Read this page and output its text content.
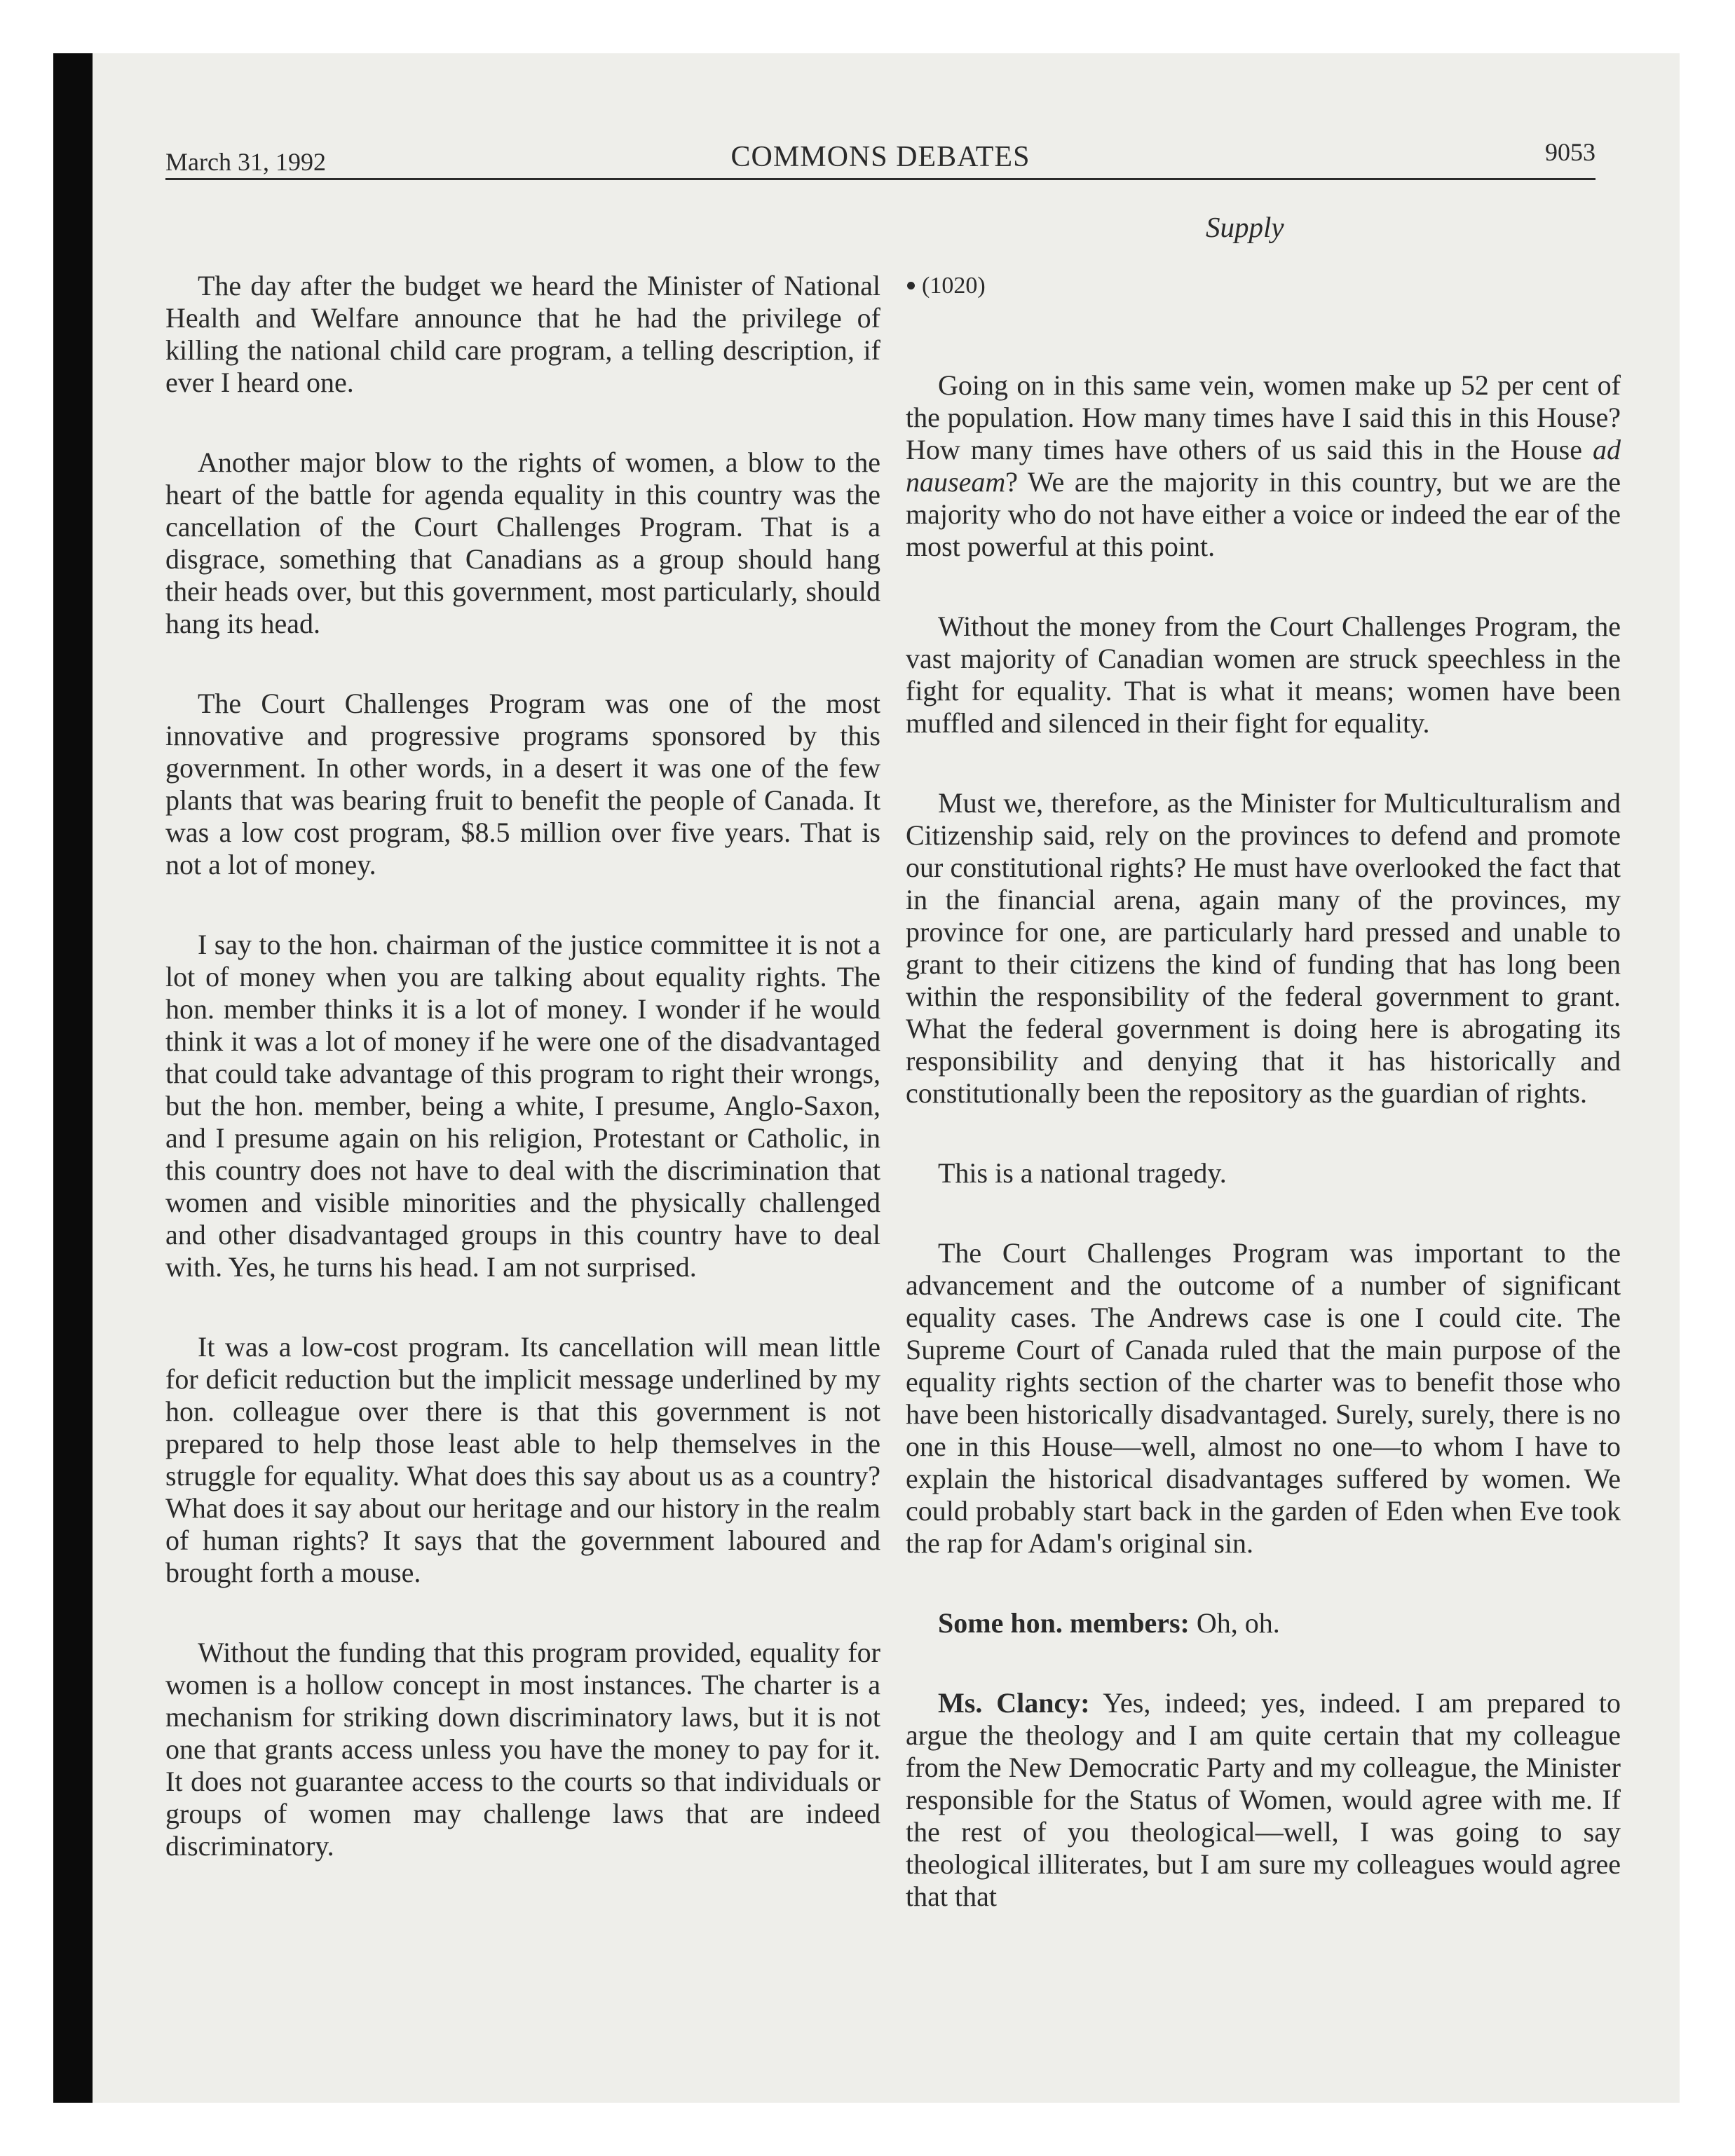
March 31, 1992	COMMONS DEBATES	9053
Supply

The day after the budget we heard the Minister of National Health and Welfare announce that he had the privilege of killing the national child care program, a telling description, if ever I heard one.

Another major blow to the rights of women, a blow to the heart of the battle for agenda equality in this country was the cancellation of the Court Challenges Program. That is a disgrace, something that Canadians as a group should hang their heads over, but this government, most particularly, should hang its head.

The Court Challenges Program was one of the most innovative and progressive programs sponsored by this government. In other words, in a desert it was one of the few plants that was bearing fruit to benefit the people of Canada. It was a low cost program, $8.5 million over five years. That is not a lot of money.

I say to the hon. chairman of the justice committee it is not a lot of money when you are talking about equality rights. The hon. member thinks it is a lot of money. I wonder if he would think it was a lot of money if he were one of the disadvantaged that could take advantage of this program to right their wrongs, but the hon. member, being a white, I presume, Anglo-Saxon, and I presume again on his religion, Protestant or Catholic, in this country does not have to deal with the discrimination that women and visible minorities and the physically challenged and other disadvantaged groups in this country have to deal with. Yes, he turns his head. I am not surprised.

It was a low-cost program. Its cancellation will mean little for deficit reduction but the implicit message underlined by my hon. colleague over there is that this government is not prepared to help those least able to help themselves in the struggle for equality. What does this say about us as a country? What does it say about our heritage and our history in the realm of human rights? It says that the government laboured and brought forth a mouse.

Without the funding that this program provided, equality for women is a hollow concept in most instances. The charter is a mechanism for striking down discriminatory laws, but it is not one that grants access unless you have the money to pay for it. It does not guarantee access to the courts so that individuals or groups of women may challenge laws that are indeed discriminatory.

(1020)

Going on in this same vein, women make up 52 per cent of the population. How many times have I said this in this House? How many times have others of us said this in the House ad nauseam? We are the majority in this country, but we are the majority who do not have either a voice or indeed the ear of the most powerful at this point.

Without the money from the Court Challenges Program, the vast majority of Canadian women are struck speechless in the fight for equality. That is what it means; women have been muffled and silenced in their fight for equality.

Must we, therefore, as the Minister for Multiculturalism and Citizenship said, rely on the provinces to defend and promote our constitutional rights? He must have overlooked the fact that in the financial arena, again many of the provinces, my province for one, are particularly hard pressed and unable to grant to their citizens the kind of funding that has long been within the responsibility of the federal government to grant. What the federal government is doing here is abrogating its responsibility and denying that it has historically and constitutionally been the repository as the guardian of rights.

This is a national tragedy.

The Court Challenges Program was important to the advancement and the outcome of a number of significant equality cases. The Andrews case is one I could cite. The Supreme Court of Canada ruled that the main purpose of the equality rights section of the charter was to benefit those who have been historically disadvantaged. Surely, surely, there is no one in this House—well, almost no one—to whom I have to explain the historical disadvantages suffered by women. We could probably start back in the garden of Eden when Eve took the rap for Adam's original sin.

Some hon. members: Oh, oh.

Ms. Clancy: Yes, indeed; yes, indeed. I am prepared to argue the theology and I am quite certain that my colleague from the New Democratic Party and my colleague, the Minister responsible for the Status of Women, would agree with me. If the rest of you theological—well, I was going to say theological illiterates, but I am sure my colleagues would agree that that
